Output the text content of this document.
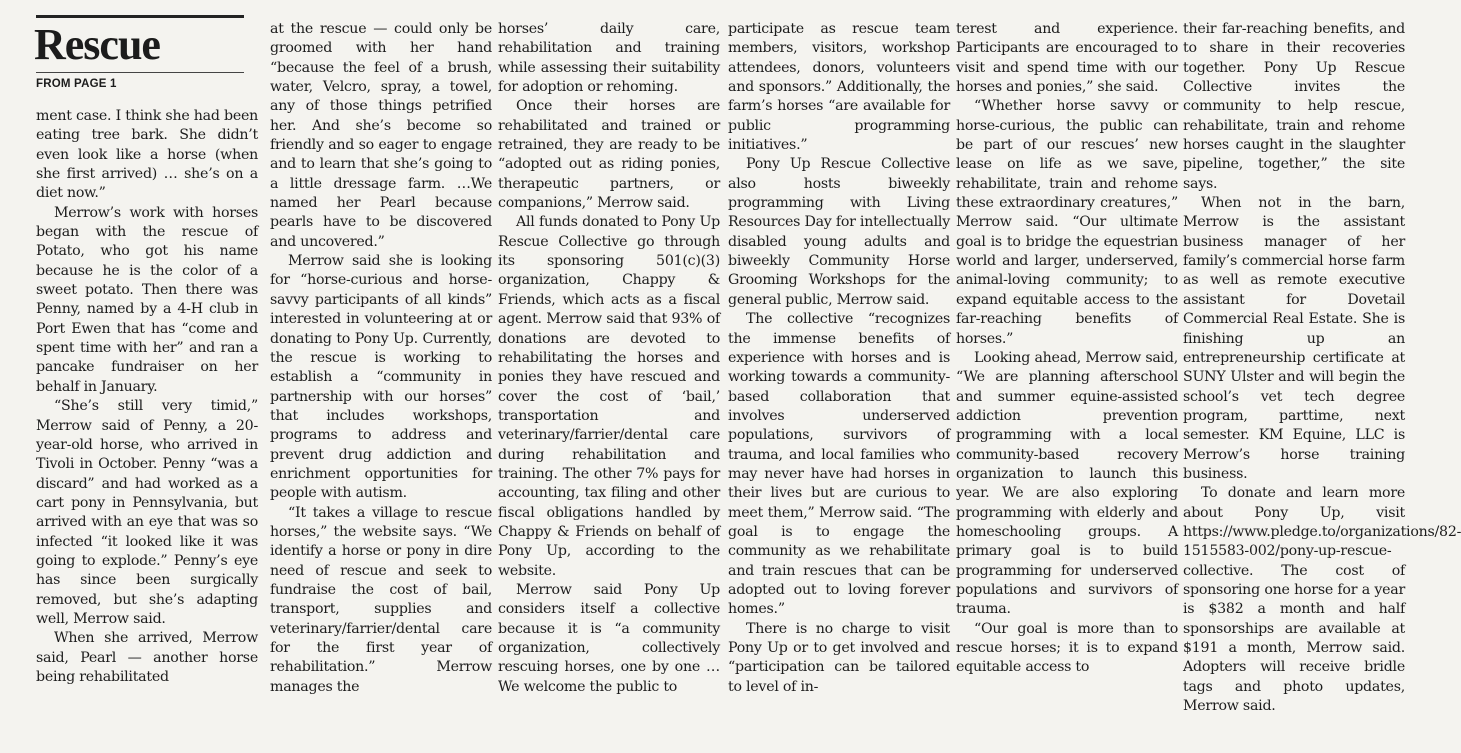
Rescue
FROM PAGE 1

ment case. I think she had been eating tree bark. She didn’t even look like a horse (when she first arrived) … she’s on a diet now.”

Merrow’s work with horses began with the rescue of Potato, who got his name because he is the color of a sweet potato. Then there was Penny, named by a 4-H club in Port Ewen that has “come and spent time with her” and ran a pancake fundraiser on her behalf in January.

“She’s still very timid,” Merrow said of Penny, a 20-year-old horse, who arrived in Tivoli in October. Penny “was a discard” and had worked as a cart pony in Pennsylvania, but arrived with an eye that was so infected “it looked like it was going to explode.” Penny’s eye has since been surgically removed, but she’s adapting well, Merrow said.

When she arrived, Merrow said, Pearl — another horse being rehabilitated

at the rescue — could only be groomed with her hand “because the feel of a brush, water, Velcro, spray, a towel, any of those things petrified her. And she’s become so friendly and so eager to engage and to learn that she’s going to a little dressage farm. …We named her Pearl because pearls have to be discovered and uncovered.”

Merrow said she is looking for “horse-curious and horse-savvy participants of all kinds” interested in volunteering at or donating to Pony Up. Currently, the rescue is working to establish a “community in partnership with our horses” that includes workshops, programs to address and prevent drug addiction and enrichment opportunities for people with autism.

“It takes a village to rescue horses,” the website says. “We identify a horse or pony in dire need of rescue and seek to fundraise the cost of bail, transport, supplies and veterinary/farrier/dental care for the first year of rehabilitation.” Merrow manages the

horses’ daily care, rehabilitation and training while assessing their suitability for adoption or rehoming.

Once their horses are rehabilitated and trained or retrained, they are ready to be “adopted out as riding ponies, therapeutic partners, or companions,” Merrow said.

All funds donated to Pony Up Rescue Collective go through its sponsoring 501(c)(3) organization, Chappy & Friends, which acts as a fiscal agent. Merrow said that 93% of donations are devoted to rehabilitating the horses and ponies they have rescued and cover the cost of ‘bail,’ transportation and veterinary/farrier/dental care during rehabilitation and training. The other 7% pays for accounting, tax filing and other fiscal obligations handled by Chappy & Friends on behalf of Pony Up, according to the website.

Merrow said Pony Up considers itself a collective because it is “a community organization, collectively rescuing horses, one by one … We welcome the public to

participate as rescue team members, visitors, workshop attendees, donors, volunteers and sponsors.” Additionally, the farm’s horses “are available for public programming initiatives.”

Pony Up Rescue Collective also hosts biweekly programming with Living Resources Day for intellectually disabled young adults and biweekly Community Horse Grooming Workshops for the general public, Merrow said.

The collective “recognizes the immense benefits of experience with horses and is working towards a community-based collaboration that involves underserved populations, survivors of trauma, and local families who may never have had horses in their lives but are curious to meet them,” Merrow said. “The goal is to engage the community as we rehabilitate and train rescues that can be adopted out to loving forever homes.”

There is no charge to visit Pony Up or to get involved and “participation can be tailored to level of in-

terest and experience. Participants are encouraged to visit and spend time with our horses and ponies,” she said.

“Whether horse savvy or horse-curious, the public can be part of our rescues’ new lease on life as we save, rehabilitate, train and rehome these extraordinary creatures,” Merrow said. “Our ultimate goal is to bridge the equestrian world and larger, underserved, animal-loving community; to expand equitable access to the far-reaching benefits of horses.”

Looking ahead, Merrow said, “We are planning afterschool and summer equine-assisted addiction prevention programming with a local community-based recovery organization to launch this year. We are also exploring programming with elderly and homeschooling groups. A primary goal is to build programming for underserved populations and survivors of trauma.

“Our goal is more than to rescue horses; it is to expand equitable access to

their far-reaching benefits, and to share in their recoveries together. Pony Up Rescue Collective invites the community to help rescue, rehabilitate, train and rehome horses caught in the slaughter pipeline, together,” the site says.

When not in the barn, Merrow is the assistant business manager of her family’s commercial horse farm as well as remote executive assistant for Dovetail Commercial Real Estate. She is finishing up an entrepreneurship certificate at SUNY Ulster and will begin the school’s vet tech degree program, parttime, next semester. KM Equine, LLC is Merrow’s horse training business.

To donate and learn more about Pony Up, visit https://www.pledge.to/organizations/82-1515583-002/pony-up-rescue-collective. The cost of sponsoring one horse for a year is $382 a month and half sponsorships are available at $191 a month, Merrow said. Adopters will receive bridle tags and photo updates, Merrow said.
